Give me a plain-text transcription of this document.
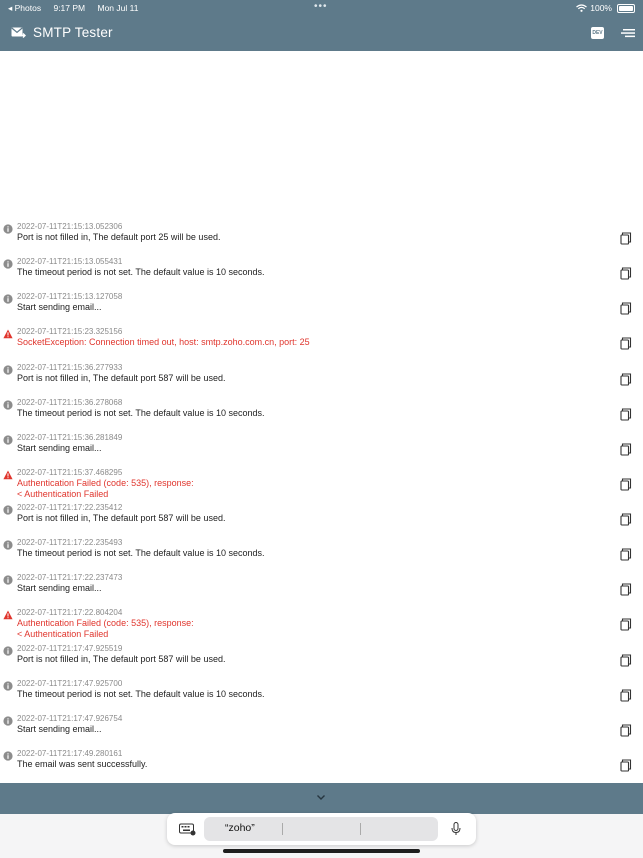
◂ Photos 9:17 PM Mon Jul 11	•••	100%
SMTP Tester	DEV
2022-07-11T21:15:13.052306
Port is not filled in, The default port 25 will be used.
2022-07-11T21:15:13.055431
The timeout period is not set. The default value is 10 seconds.
2022-07-11T21:15:13.127058
Start sending email...
2022-07-11T21:15:23.325156
SocketException: Connection timed out, host: smtp.zoho.com.cn, port: 25
2022-07-11T21:15:36.277933
Port is not filled in, The default port 587 will be used.
2022-07-11T21:15:36.278068
The timeout period is not set. The default value is 10 seconds.
2022-07-11T21:15:36.281849
Start sending email...
2022-07-11T21:15:37.468295
Authentication Failed (code: 535), response:
< Authentication Failed
2022-07-11T21:17:22.235412
Port is not filled in, The default port 587 will be used.
2022-07-11T21:17:22.235493
The timeout period is not set. The default value is 10 seconds.
2022-07-11T21:17:22.237473
Start sending email...
2022-07-11T21:17:22.804204
Authentication Failed (code: 535), response:
< Authentication Failed
2022-07-11T21:17:47.925519
Port is not filled in, The default port 587 will be used.
2022-07-11T21:17:47.925700
The timeout period is not set. The default value is 10 seconds.
2022-07-11T21:17:47.926754
Start sending email...
2022-07-11T21:17:49.280161
The email was sent successfully.
“zoho”
